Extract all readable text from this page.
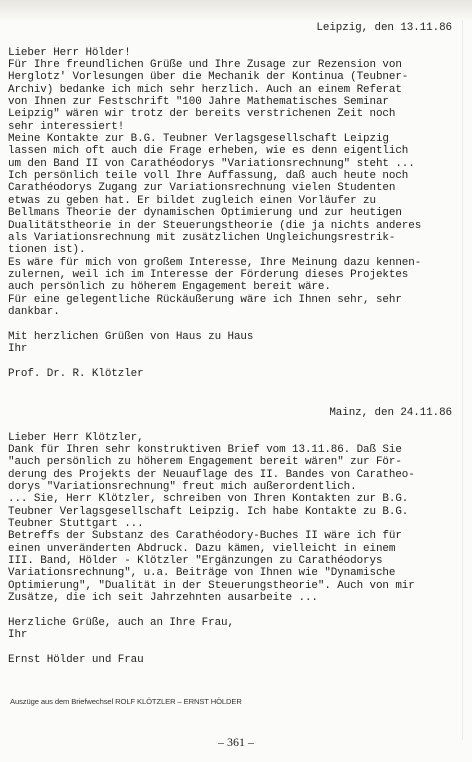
Leipzig, den 13.11.86

Lieber Herr Hölder!

Für Ihre freundlichen Grüße und Ihre Zusage zur Rezension von

Herglotz' Vorlesungen über die Mechanik der Kontinua (Teubner-

Archiv) bedanke ich mich sehr herzlich. Auch an einem Referat

von Ihnen zur Festschrift "100 Jahre Mathematisches Seminar

Leipzig" wären wir trotz der bereits verstrichenen Zeit noch

sehr interessiert!

Meine Kontakte zur B.G. Teubner Verlagsgesellschaft Leipzig

lassen mich oft auch die Frage erheben, wie es denn eigentlich

um den Band II von Carathéodorys "Variationsrechnung" steht ...

Ich persönlich teile voll Ihre Auffassung, daß auch heute noch

Carathéodorys Zugang zur Variationsrechnung vielen Studenten

etwas zu geben hat. Er bildet zugleich einen Vorläufer zu

Bellmans Theorie der dynamischen Optimierung und zur heutigen

Dualitätstheorie in der Steuerungstheorie (die ja nichts anderes

als Variationsrechnung mit zusätzlichen Ungleichungsrestrik-

tionen ist).

Es wäre für mich von großem Interesse, Ihre Meinung dazu kennen-

zulernen, weil ich im Interesse der Förderung dieses Projektes

auch persönlich zu höherem Engagement bereit wäre.

Für eine gelegentliche Rückäußerung wäre ich Ihnen sehr, sehr

dankbar.

Mit herzlichen Grüßen von Haus zu Haus

Ihr

Prof. Dr. R. Klötzler

Mainz, den 24.11.86

Lieber Herr Klötzler,

Dank für Ihren sehr konstruktiven Brief vom 13.11.86. Daß Sie

"auch persönlich zu höherem Engagement bereit wären" zur För-

derung des Projekts der Neuauflage des II. Bandes von Caratheo-

dorys "Variationsrechnung" freut mich außerordentlich.

... Sie, Herr Klötzler, schreiben von Ihren Kontakten zur B.G.

Teubner Verlagsgesellschaft Leipzig. Ich habe Kontakte zu B.G.

Teubner Stuttgart ...

Betreffs der Substanz des Carathéodory-Buches II wäre ich für

einen unveränderten Abdruck. Dazu kämen, vielleicht in einem

III. Band, Hölder - Klötzler "Ergänzungen zu Carathéodorys

Variationsrechnung", u.a. Beiträge von Ihnen wie "Dynamische

Optimierung", "Dualität in der Steuerungstheorie". Auch von mir

Zusätze, die ich seit Jahrzehnten ausarbeite ...

Herzliche Grüße, auch an Ihre Frau,

Ihr

Ernst Hölder und Frau

Auszüge aus dem Briefwechsel ROLF KLÖTZLER – ERNST HÖLDER
– 361 –
